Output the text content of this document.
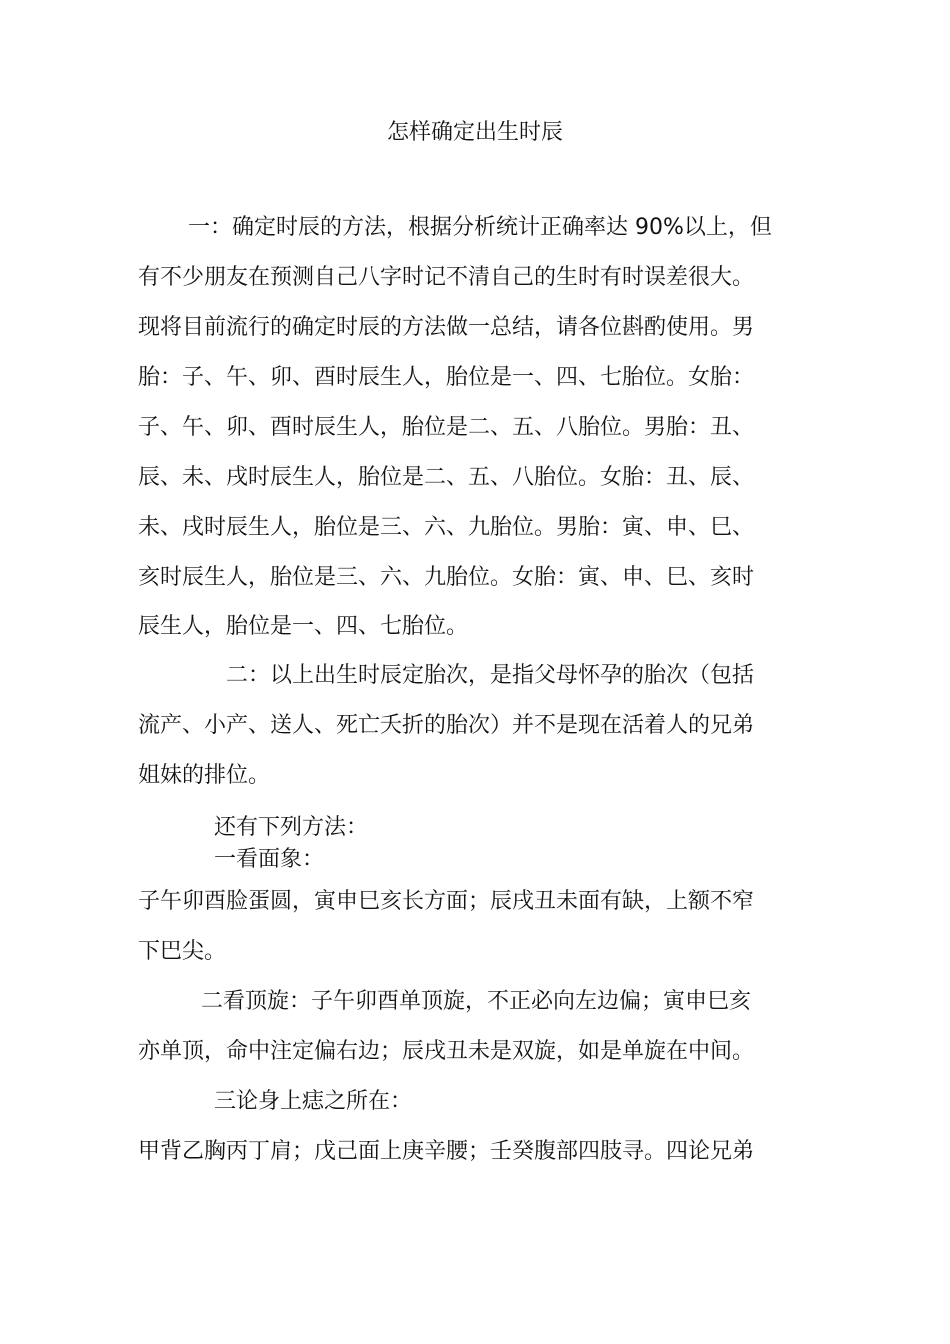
怎样确定出生时辰
一：确定时辰的方法，根据分析统计正确率达 90%以上，但
有不少朋友在预测自己八字时记不清自己的生时有时误差很大。
现将目前流行的确定时辰的方法做一总结，请各位斟酌使用。男
胎：子、午、卯、酉时辰生人，胎位是一、四、七胎位。女胎：
子、午、卯、酉时辰生人，胎位是二、五、八胎位。男胎：丑、
辰、未、戌时辰生人，胎位是二、五、八胎位。女胎：丑、辰、
未、戌时辰生人，胎位是三、六、九胎位。男胎：寅、申、巳、
亥时辰生人，胎位是三、六、九胎位。女胎：寅、申、巳、亥时
辰生人，胎位是一、四、七胎位。
二：以上出生时辰定胎次，是指父母怀孕的胎次（包括
流产、小产、送人、死亡夭折的胎次）并不是现在活着人的兄弟
姐妹的排位。
还有下列方法：
一看面象：
子午卯酉脸蛋圆，寅申巳亥长方面；辰戌丑未面有缺，上额不窄
下巴尖。
二看顶旋：子午卯酉单顶旋，不正必向左边偏；寅申巳亥
亦单顶，命中注定偏右边；辰戌丑未是双旋，如是单旋在中间。
三论身上痣之所在：
甲背乙胸丙丁肩；戊己面上庚辛腰；壬癸腹部四肢寻。四论兄弟
